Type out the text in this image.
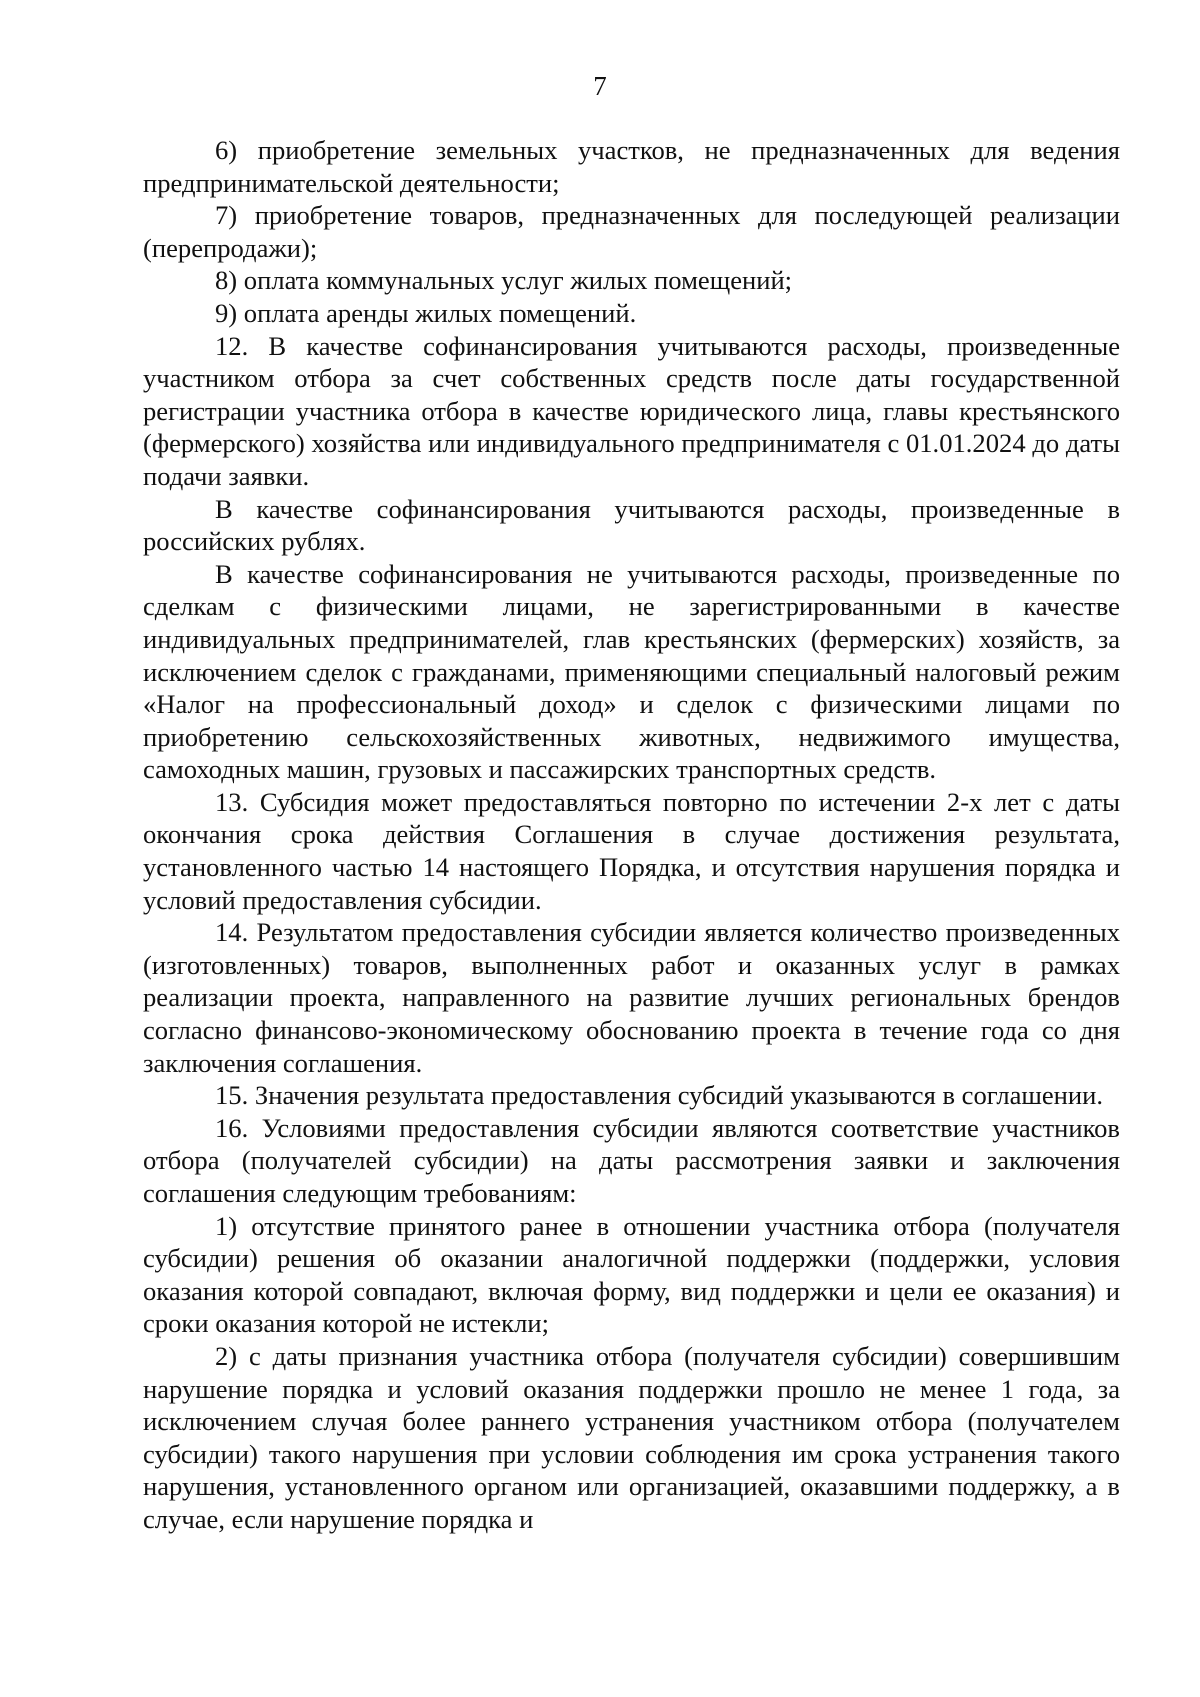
7

6) приобретение земельных участков, не предназначенных для ведения предпринимательской деятельности;

7) приобретение товаров, предназначенных для последующей реализации (перепродажи);

8) оплата коммунальных услуг жилых помещений;

9) оплата аренды жилых помещений.

12. В качестве софинансирования учитываются расходы, произведенные участником отбора за счет собственных средств после даты государственной регистрации участника отбора в качестве юридического лица, главы крестьянского (фермерского) хозяйства или индивидуального предпринимателя с 01.01.2024 до даты подачи заявки.

В качестве софинансирования учитываются расходы, произведенные в российских рублях.

В качестве софинансирования не учитываются расходы, произведенные по сделкам с физическими лицами, не зарегистрированными в качестве индивидуальных предпринимателей, глав крестьянских (фермерских) хозяйств, за исключением сделок с гражданами, применяющими специальный налоговый режим «Налог на профессиональный доход» и сделок с физическими лицами по приобретению сельскохозяйственных животных, недвижимого имущества, самоходных машин, грузовых и пассажирских транспортных средств.

13. Субсидия может предоставляться повторно по истечении 2-х лет с даты окончания срока действия Соглашения в случае достижения результата, установленного частью 14 настоящего Порядка, и отсутствия нарушения порядка и условий предоставления субсидии.

14. Результатом предоставления субсидии является количество произведенных (изготовленных) товаров, выполненных работ и оказанных услуг в рамках реализации проекта, направленного на развитие лучших региональных брендов согласно финансово-экономическому обоснованию проекта в течение года со дня заключения соглашения.

15. Значения результата предоставления субсидий указываются в соглашении.

16. Условиями предоставления субсидии являются соответствие участников отбора (получателей субсидии) на даты рассмотрения заявки и заключения соглашения следующим требованиям:

1) отсутствие принятого ранее в отношении участника отбора (получателя субсидии) решения об оказании аналогичной поддержки (поддержки, условия оказания которой совпадают, включая форму, вид поддержки и цели ее оказания) и сроки оказания которой не истекли;

2) с даты признания участника отбора (получателя субсидии) совершившим нарушение порядка и условий оказания поддержки прошло не менее 1 года, за исключением случая более раннего устранения участником отбора (получателем субсидии) такого нарушения при условии соблюдения им срока устранения такого нарушения, установленного органом или организацией, оказавшими поддержку, а в случае, если нарушение порядка и
